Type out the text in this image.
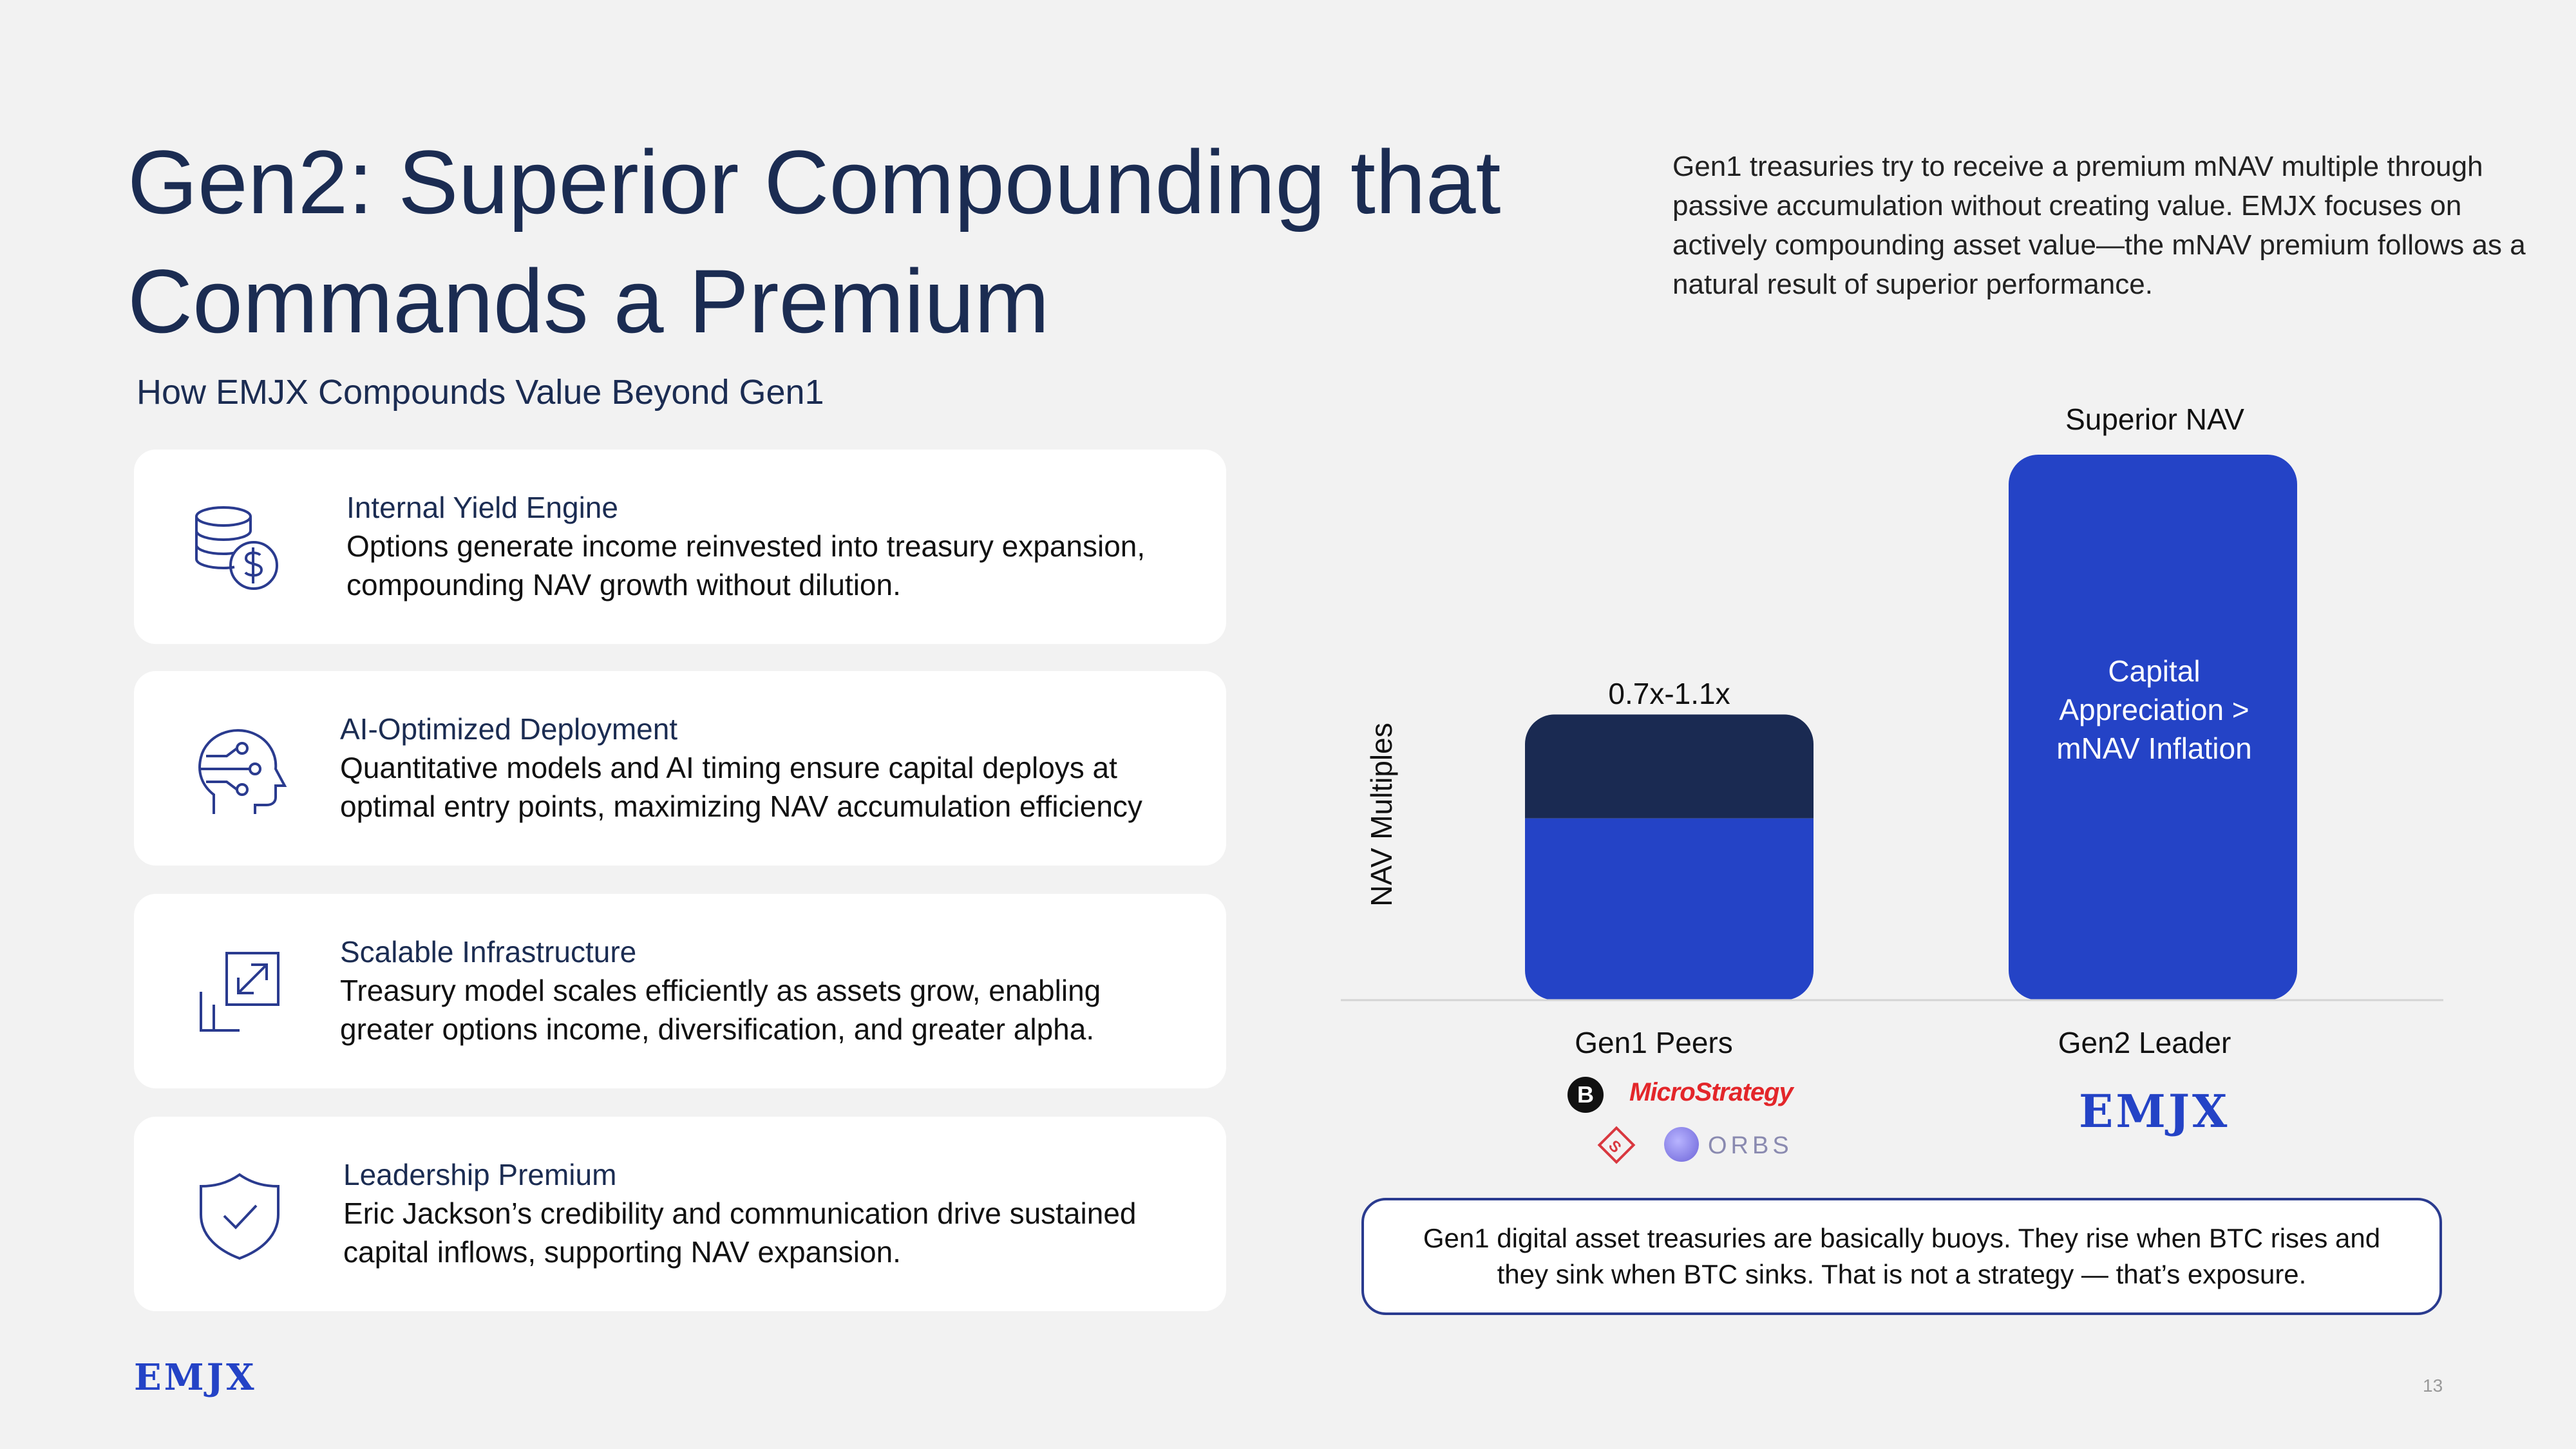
Gen2: Superior Compounding that
Commands a Premium
Gen1 treasuries try to receive a premium mNAV multiple through passive accumulation without creating value. EMJX focuses on actively compounding asset value—the mNAV premium follows as a natural result of superior performance.
How EMJX Compounds Value Beyond Gen1
Internal Yield Engine
Options generate income reinvested into treasury expansion, compounding NAV growth without dilution.
AI-Optimized Deployment
Quantitative models and AI timing ensure capital deploys at optimal entry points, maximizing NAV accumulation efficiency
Scalable Infrastructure
Treasury model scales efficiently as assets grow, enabling greater options income, diversification, and greater alpha.
Leadership Premium
Eric Jackson’s credibility and communication drive sustained capital inflows, supporting NAV expansion.
NAV Multiples
0.7x-1.1x
Superior NAV
Capital Appreciation > mNAV Inflation
Gen1 Peers	Gen2 Leader
B	MicroStrategy
S	ORBS
EMJX
Gen1 digital asset treasuries are basically buoys. They rise when BTC rises and they sink when BTC sinks. That is not a strategy — that’s exposure.
EMJX	13
